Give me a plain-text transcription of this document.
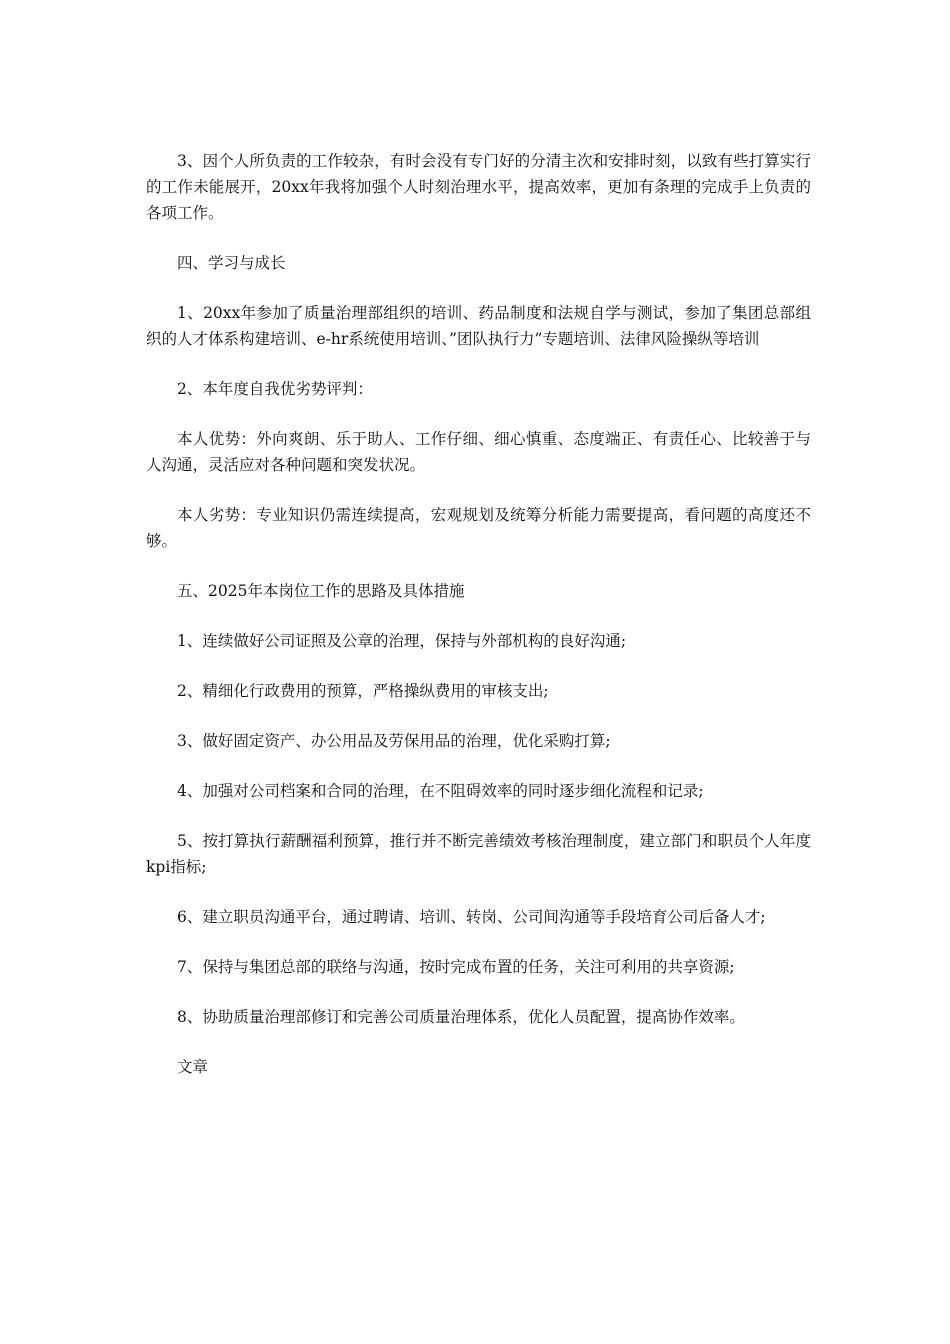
3、因个人所负责的工作较杂，有时会没有专门好的分清主次和安排时刻，以致有些打算实行的工作未能展开，20xx年我将加强个人时刻治理水平，提高效率，更加有条理的完成手上负责的各项工作。

四、学习与成长

1、20xx年参加了质量治理部组织的培训、药品制度和法规自学与测试，参加了集团总部组织的人才体系构建培训、e-hr系统使用培训、”团队执行力”专题培训、法律风险操纵等培训

2、本年度自我优劣势评判：

本人优势：外向爽朗、乐于助人、工作仔细、细心慎重、态度端正、有责任心、比较善于与人沟通，灵活应对各种问题和突发状况。

本人劣势：专业知识仍需连续提高，宏观规划及统筹分析能力需要提高，看问题的高度还不够。

五、2025年本岗位工作的思路及具体措施

1、连续做好公司证照及公章的治理，保持与外部机构的良好沟通;

2、精细化行政费用的预算，严格操纵费用的审核支出;

3、做好固定资产、办公用品及劳保用品的治理，优化采购打算;

4、加强对公司档案和合同的治理，在不阻碍效率的同时逐步细化流程和记录;

5、按打算执行薪酬福利预算，推行并不断完善绩效考核治理制度，建立部门和职员个人年度kpi指标;

6、建立职员沟通平台，通过聘请、培训、转岗、公司间沟通等手段培育公司后备人才;

7、保持与集团总部的联络与沟通，按时完成布置的任务，关注可利用的共享资源;

8、协助质量治理部修订和完善公司质量治理体系，优化人员配置，提高协作效率。

文章
